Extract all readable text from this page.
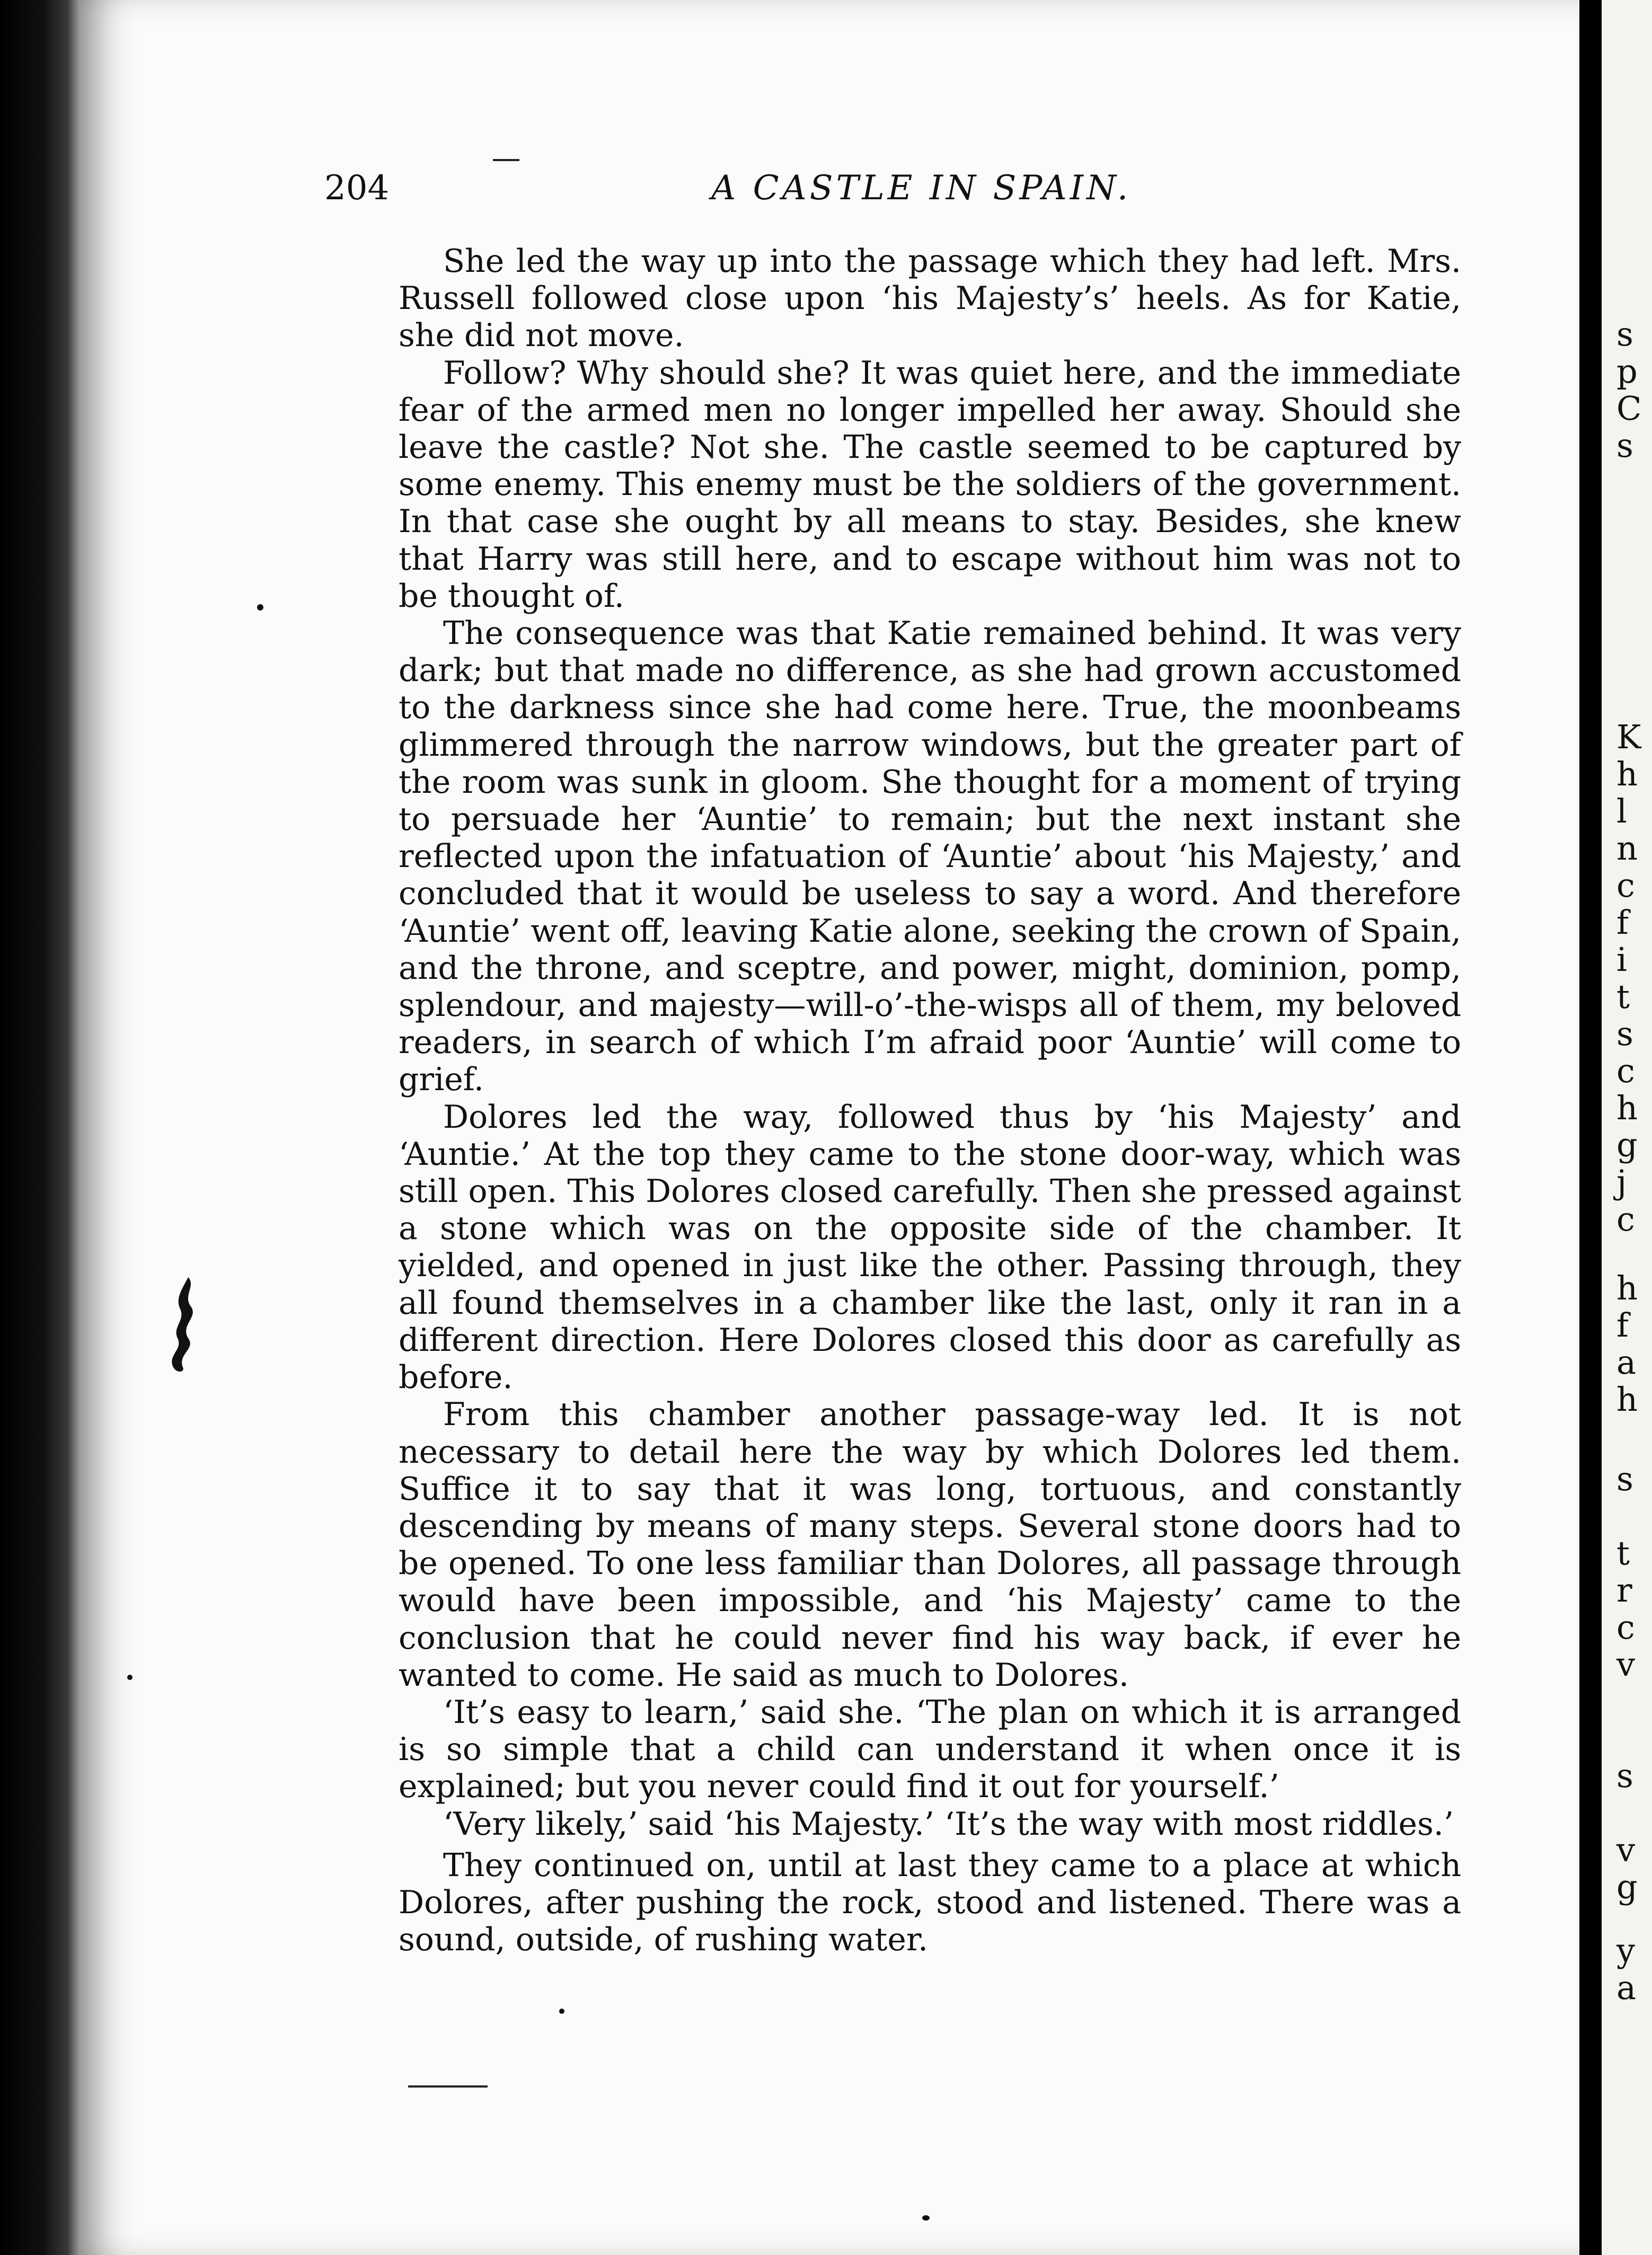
204	A CASTLE IN SPAIN.

She led the way up into the passage which they had left. Mrs. Russell followed close upon ‘his Majesty’s’ heels. As for Katie, she did not move.

Follow? Why should she? It was quiet here, and the immediate fear of the armed men no longer impelled her away. Should she leave the castle? Not she. The castle seemed to be captured by some enemy. This enemy must be the soldiers of the government. In that case she ought by all means to stay. Besides, she knew that Harry was still here, and to escape without him was not to be thought of.

The consequence was that Katie remained behind. It was very dark; but that made no difference, as she had grown accustomed to the darkness since she had come here. True, the moonbeams glimmered through the narrow windows, but the greater part of the room was sunk in gloom. She thought for a moment of trying to persuade her ‘Auntie’ to remain; but the next instant she reflected upon the infatuation of ‘Auntie’ about ‘his Majesty,’ and concluded that it would be useless to say a word. And therefore ‘Auntie’ went off, leaving Katie alone, seeking the crown of Spain, and the throne, and sceptre, and power, might, dominion, pomp, splendour, and majesty—will-o’-the-wisps all of them, my beloved readers, in search of which I’m afraid poor ‘Auntie’ will come to grief.

Dolores led the way, followed thus by ‘his Majesty’ and ‘Auntie.’ At the top they came to the stone door-way, which was still open. This Dolores closed carefully. Then she pressed against a stone which was on the opposite side of the chamber. It yielded, and opened in just like the other. Passing through, they all found themselves in a chamber like the last, only it ran in a different direction. Here Dolores closed this door as carefully as before.

From this chamber another passage-way led. It is not necessary to detail here the way by which Dolores led them. Suffice it to say that it was long, tortuous, and constantly descending by means of many steps. Several stone doors had to be opened. To one less familiar than Dolores, all passage through would have been impossible, and ‘his Majesty’ came to the conclusion that he could never find his way back, if ever he wanted to come. He said as much to Dolores.

‘It’s easy to learn,’ said she. ‘The plan on which it is arranged is so simple that a child can understand it when once it is explained; but you never could find it out for yourself.’

‘Very likely,’ said ‘his Majesty.’ ‘It’s the way with most riddles.’

They continued on, until at last they came to a place at which Dolores, after pushing the rock, stood and listened. There was a sound, outside, of rushing water.

s
p
C
s
K
h
l
n
c
f
i
t
s
c
h
g
j
c
h
f
a
h
s
t
r
c
v
s
v
g
y
a
